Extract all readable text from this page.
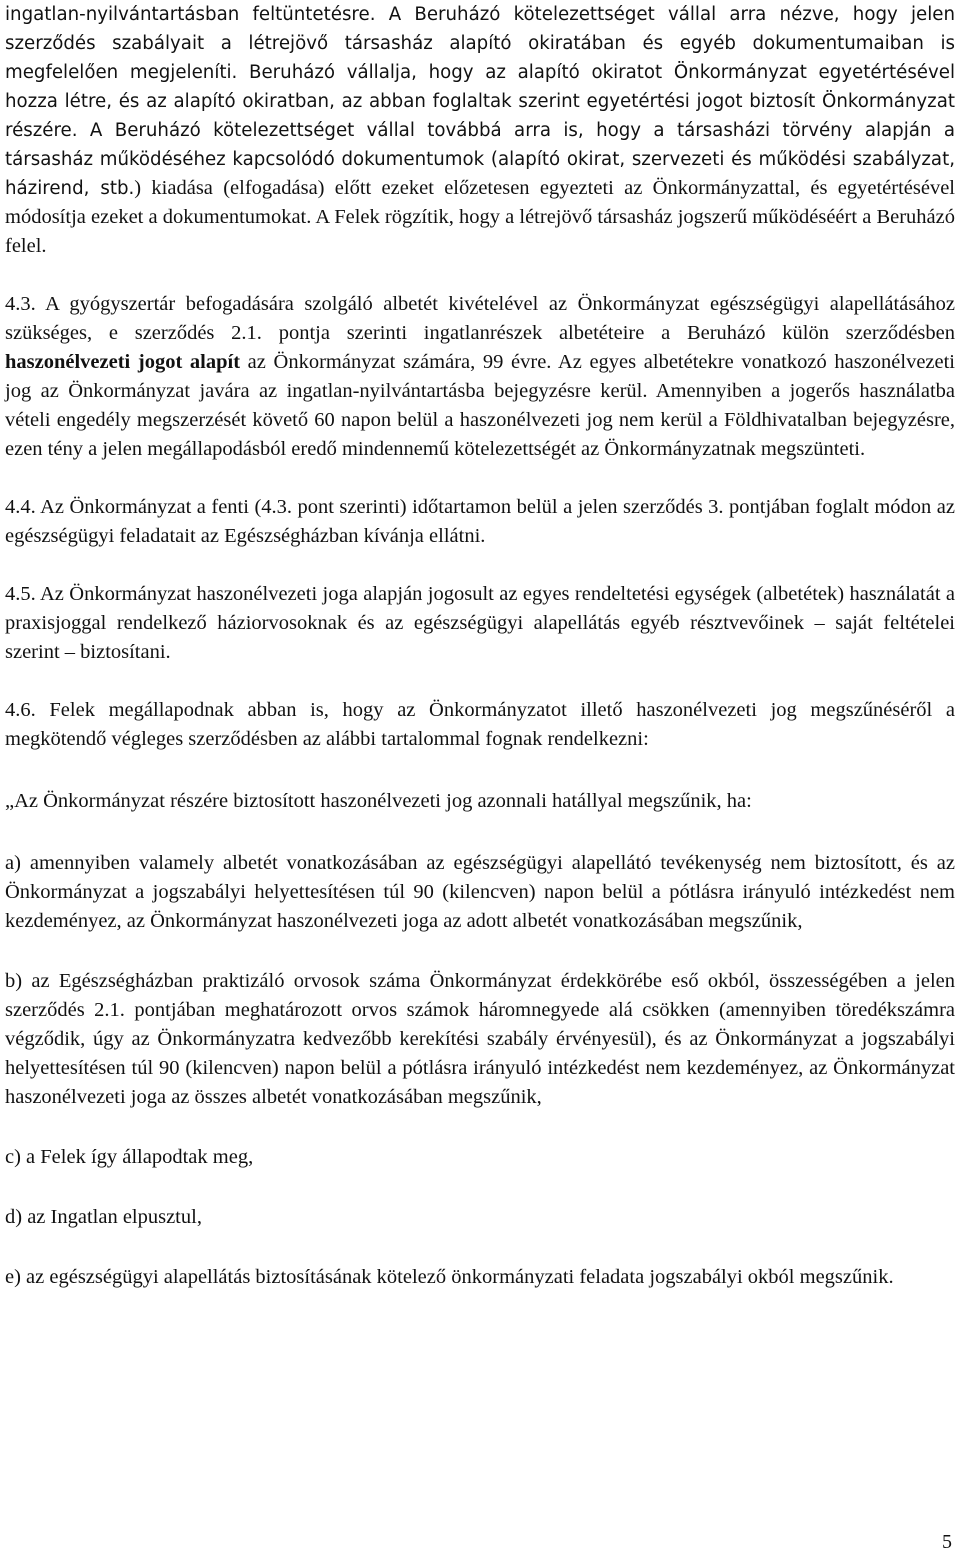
ingatlan-nyilvántartásban feltüntetésre. A Beruházó kötelezettséget vállal arra nézve, hogy jelen szerződés szabályait a létrejövő társasház alapító okiratában és egyéb dokumentumaiban is megfelelően megjeleníti. Beruházó vállalja, hogy az alapító okiratot Önkormányzat egyetértésével hozza létre, és az alapító okiratban, az abban foglaltak szerint egyetértési jogot biztosít Önkormányzat részére. A Beruházó kötelezettséget vállal továbbá arra is, hogy a társasházi törvény alapján a társasház működéséhez kapcsolódó dokumentumok (alapító okirat, szervezeti és működési szabályzat, házirend, stb.) kiadása (elfogadása) előtt ezeket előzetesen egyezteti az Önkormányzattal, és egyetértésével módosítja ezeket a dokumentumokat. A Felek rögzítik, hogy a létrejövő társasház jogszerű működéséért a Beruházó felel.

4.3. A gyógyszertár befogadására szolgáló albetét kivételével az Önkormányzat egészségügyi alapellátásához szükséges, e szerződés 2.1. pontja szerinti ingatlanrészek albetéteire a Beruházó külön szerződésben haszonélvezeti jogot alapít az Önkormányzat számára, 99 évre. Az egyes albetétekre vonatkozó haszonélvezeti jog az Önkormányzat javára az ingatlan-nyilvántartásba bejegyzésre kerül. Amennyiben a jogerős használatba vételi engedély megszerzését követő 60 napon belül a haszonélvezeti jog nem kerül a Földhivatalban bejegyzésre, ezen tény a jelen megállapodásból eredő mindennemű kötelezettségét az Önkormányzatnak megszünteti.

4.4. Az Önkormányzat a fenti (4.3. pont szerinti) időtartamon belül a jelen szerződés 3. pontjában foglalt módon az egészségügyi feladatait az Egészségházban kívánja ellátni.

4.5. Az Önkormányzat haszonélvezeti joga alapján jogosult az egyes rendeltetési egységek (albetétek) használatát a praxisjoggal rendelkező háziorvosoknak és az egészségügyi alapellátás egyéb résztvevőinek – saját feltételei szerint – biztosítani.

4.6. Felek megállapodnak abban is, hogy az Önkormányzatot illető haszonélvezeti jog megszűnéséről a megkötendő végleges szerződésben az alábbi tartalommal fognak rendelkezni:

„Az Önkormányzat részére biztosított haszonélvezeti jog azonnali hatállyal megszűnik, ha:

a) amennyiben valamely albetét vonatkozásában az egészségügyi alapellátó tevékenység nem biztosított, és az Önkormányzat a jogszabályi helyettesítésen túl 90 (kilencven) napon belül a pótlásra irányuló intézkedést nem kezdeményez, az Önkormányzat haszonélvezeti joga az adott albetét vonatkozásában megszűnik,

b) az Egészségházban praktizáló orvosok száma Önkormányzat érdekkörébe eső okból, összességében a jelen szerződés 2.1. pontjában meghatározott orvos számok háromnegyede alá csökken (amennyiben töredékszámra végződik, úgy az Önkormányzatra kedvezőbb kerekítési szabály érvényesül), és az Önkormányzat a jogszabályi helyettesítésen túl 90 (kilencven) napon belül a pótlásra irányuló intézkedést nem kezdeményez, az Önkormányzat haszonélvezeti joga az összes albetét vonatkozásában megszűnik,

c) a Felek így állapodtak meg,

d) az Ingatlan elpusztul,

e) az egészségügyi alapellátás biztosításának kötelező önkormányzati feladata jogszabályi okból megszűnik.

5
